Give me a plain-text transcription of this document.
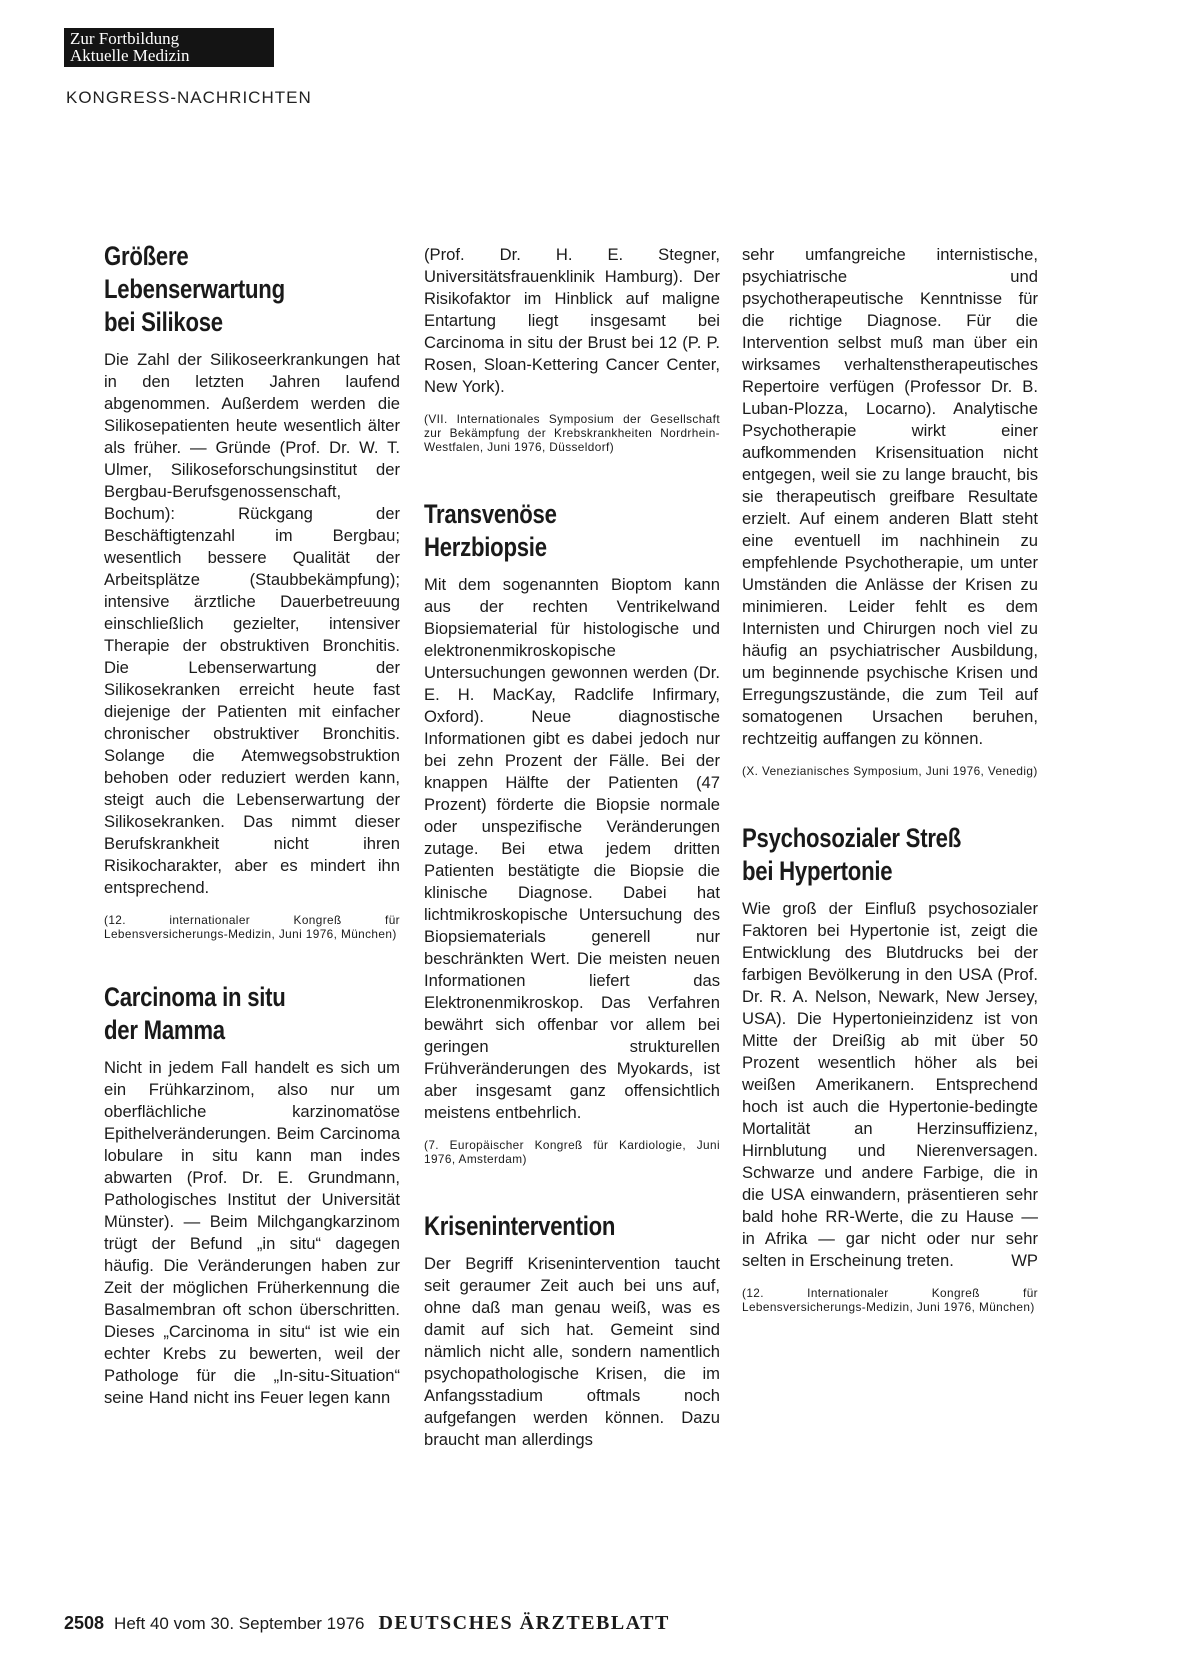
Zur Fortbildung
Aktuelle Medizin
KONGRESS-NACHRICHTEN
Größere
Lebenserwartung
bei Silikose

Die Zahl der Silikoseerkrankungen hat in den letzten Jahren laufend abgenommen. Außerdem werden die Silikosepatienten heute wesentlich älter als früher. — Gründe (Prof. Dr. W. T. Ulmer, Silikoseforschungsinstitut der Bergbau-Berufsgenossenschaft, Bochum): Rückgang der Beschäftigtenzahl im Bergbau; wesentlich bessere Qualität der Arbeitsplätze (Staubbekämpfung); intensive ärztliche Dauerbetreuung einschließlich gezielter, intensiver Therapie der obstruktiven Bronchitis. Die Lebenserwartung der Silikosekranken erreicht heute fast diejenige der Patienten mit einfacher chronischer obstruktiver Bronchitis. Solange die Atemwegsobstruktion behoben oder reduziert werden kann, steigt auch die Lebenserwartung der Silikosekranken. Das nimmt dieser Berufskrankheit nicht ihren Risikocharakter, aber es mindert ihn entsprechend.

(12. internationaler Kongreß für Lebensversicherungs-Medizin, Juni 1976, München)

Carcinoma in situ
der Mamma

Nicht in jedem Fall handelt es sich um ein Frühkarzinom, also nur um oberflächliche karzinomatöse Epithelveränderungen. Beim Carcinoma lobulare in situ kann man indes abwarten (Prof. Dr. E. Grundmann, Pathologisches Institut der Universität Münster). — Beim Milchgangkarzinom trügt der Befund „in situ“ dagegen häufig. Die Veränderungen haben zur Zeit der möglichen Früherkennung die Basalmembran oft schon überschritten. Dieses „Carcinoma in situ“ ist wie ein echter Krebs zu bewerten, weil der Pathologe für die „In-situ-Situation“ seine Hand nicht ins Feuer legen kann

(Prof. Dr. H. E. Stegner, Universitätsfrauenklinik Hamburg). Der Risikofaktor im Hinblick auf maligne Entartung liegt insgesamt bei Carcinoma in situ der Brust bei 12 (P. P. Rosen, Sloan-Kettering Cancer Center, New York).

(VII. Internationales Symposium der Gesellschaft zur Bekämpfung der Krebskrankheiten Nordrhein-Westfalen, Juni 1976, Düsseldorf)

Transvenöse
Herzbiopsie

Mit dem sogenannten Bioptom kann aus der rechten Ventrikelwand Biopsiematerial für histologische und elektronenmikroskopische Untersuchungen gewonnen werden (Dr. E. H. MacKay, Radclife Infirmary, Oxford). Neue diagnostische Informationen gibt es dabei jedoch nur bei zehn Prozent der Fälle. Bei der knappen Hälfte der Patienten (47 Prozent) förderte die Biopsie normale oder unspezifische Veränderungen zutage. Bei etwa jedem dritten Patienten bestätigte die Biopsie die klinische Diagnose. Dabei hat lichtmikroskopische Untersuchung des Biopsiematerials generell nur beschränkten Wert. Die meisten neuen Informationen liefert das Elektronenmikroskop. Das Verfahren bewährt sich offenbar vor allem bei geringen strukturellen Frühveränderungen des Myokards, ist aber insgesamt ganz offensichtlich meistens entbehrlich.

(7. Europäischer Kongreß für Kardiologie, Juni 1976, Amsterdam)

Krisenintervention

Der Begriff Krisenintervention taucht seit geraumer Zeit auch bei uns auf, ohne daß man genau weiß, was es damit auf sich hat. Gemeint sind nämlich nicht alle, sondern namentlich psychopathologische Krisen, die im Anfangsstadium oftmals noch aufgefangen werden können. Dazu braucht man allerdings

sehr umfangreiche internistische, psychiatrische und psychotherapeutische Kenntnisse für die richtige Diagnose. Für die Intervention selbst muß man über ein wirksames verhaltenstherapeutisches Repertoire verfügen (Professor Dr. B. Luban-Plozza, Locarno). Analytische Psychotherapie wirkt einer aufkommenden Krisensituation nicht entgegen, weil sie zu lange braucht, bis sie therapeutisch greifbare Resultate erzielt. Auf einem anderen Blatt steht eine eventuell im nachhinein zu empfehlende Psychotherapie, um unter Umständen die Anlässe der Krisen zu minimieren. Leider fehlt es dem Internisten und Chirurgen noch viel zu häufig an psychiatrischer Ausbildung, um beginnende psychische Krisen und Erregungszustände, die zum Teil auf somatogenen Ursachen beruhen, rechtzeitig auffangen zu können.

(X. Venezianisches Symposium, Juni 1976, Venedig)

Psychosozialer Streß
bei Hypertonie

Wie groß der Einfluß psychosozialer Faktoren bei Hypertonie ist, zeigt die Entwicklung des Blutdrucks bei der farbigen Bevölkerung in den USA (Prof. Dr. R. A. Nelson, Newark, New Jersey, USA). Die Hypertonieinzidenz ist von Mitte der Dreißig ab mit über 50 Prozent wesentlich höher als bei weißen Amerikanern. Entsprechend hoch ist auch die Hypertonie-bedingte Mortalität an Herzinsuffizienz, Hirnblutung und Nierenversagen. Schwarze und andere Farbige, die in die USA einwandern, präsentieren sehr bald hohe RR-Werte, die zu Hause — in Afrika — gar nicht oder nur sehr selten in Erscheinung treten.	WP

(12. Internationaler Kongreß für Lebensversicherungs-Medizin, Juni 1976, München)

2508 Heft 40 vom 30. September 1976 DEUTSCHES ÄRZTEBLATT
